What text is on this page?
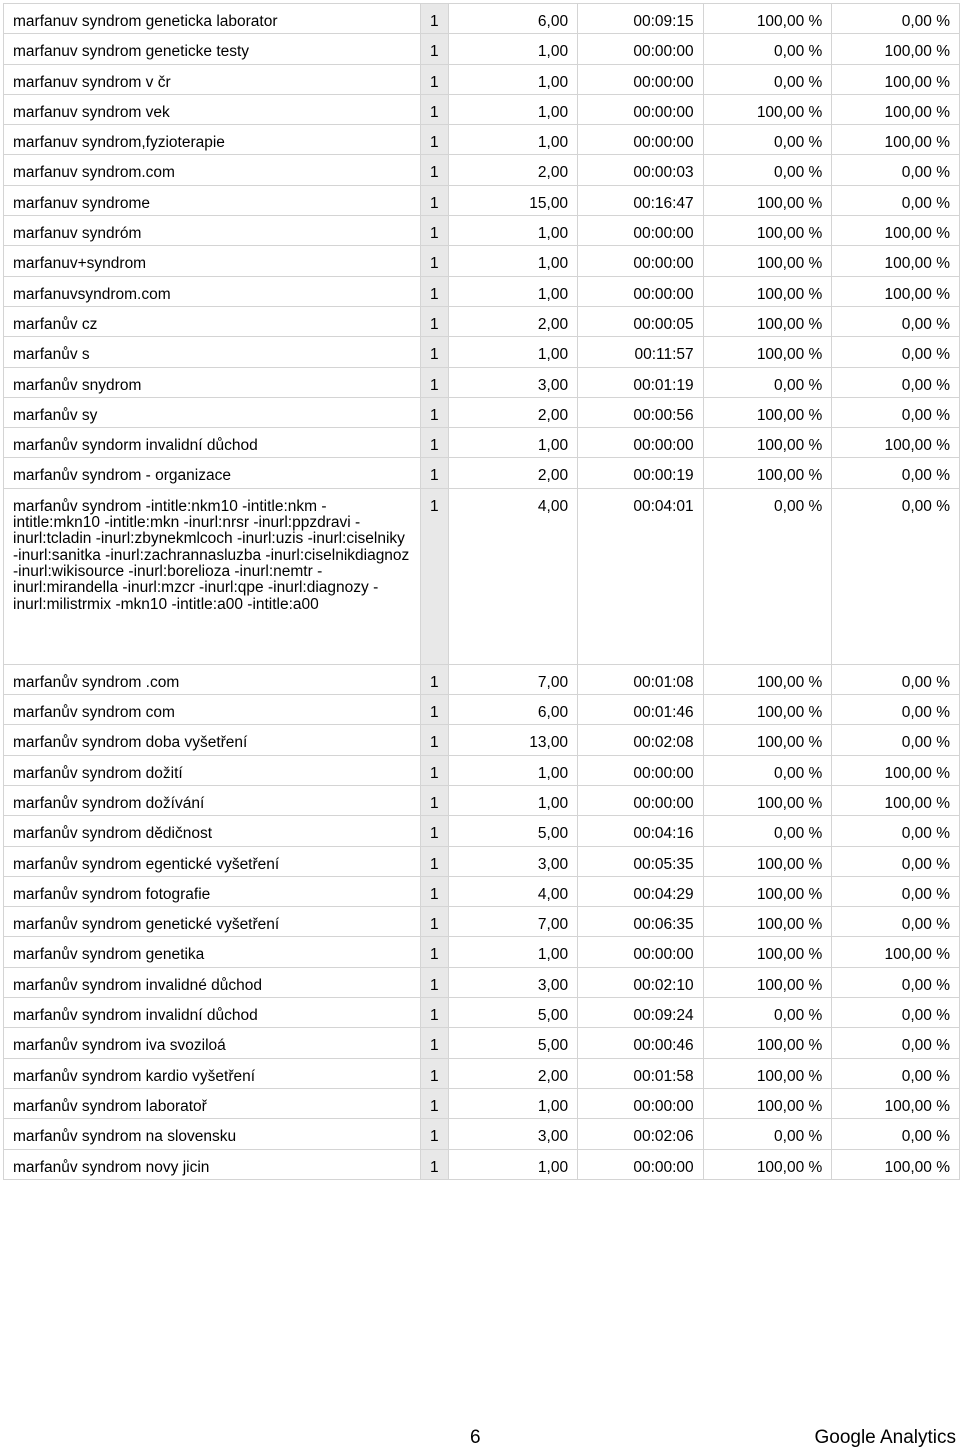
marfanuv syndrom geneticka laborator	1	6,00	00:09:15	100,00 %	0,00 %
marfanuv syndrom geneticke testy	1	1,00	00:00:00	0,00 %	100,00 %
marfanuv syndrom v čr	1	1,00	00:00:00	0,00 %	100,00 %
marfanuv syndrom vek	1	1,00	00:00:00	100,00 %	100,00 %
marfanuv syndrom,fyzioterapie	1	1,00	00:00:00	0,00 %	100,00 %
marfanuv syndrom.com	1	2,00	00:00:03	0,00 %	0,00 %
marfanuv syndrome	1	15,00	00:16:47	100,00 %	0,00 %
marfanuv syndróm	1	1,00	00:00:00	100,00 %	100,00 %
marfanuv+syndrom	1	1,00	00:00:00	100,00 %	100,00 %
marfanuvsyndrom.com	1	1,00	00:00:00	100,00 %	100,00 %
marfanův cz	1	2,00	00:00:05	100,00 %	0,00 %
marfanův s	1	1,00	00:11:57	100,00 %	0,00 %
marfanův snydrom	1	3,00	00:01:19	0,00 %	0,00 %
marfanův sy	1	2,00	00:00:56	100,00 %	0,00 %
marfanův syndorm invalidní důchod	1	1,00	00:00:00	100,00 %	100,00 %
marfanův syndrom - organizace	1	2,00	00:00:19	100,00 %	0,00 %
marfanův syndrom -intitle:nkm10 -intitle:nkm -intitle:mkn10 -intitle:mkn -inurl:nrsr -inurl:ppzdravi -inurl:tcladin -inurl:zbynekmlcoch -inurl:uzis -inurl:ciselniky -inurl:sanitka -inurl:zachrannasluzba -inurl:ciselnikdiagnoz -inurl:wikisource -inurl:borelioza -inurl:nemtr -inurl:mirandella -inurl:mzcr -inurl:qpe -inurl:diagnozy -inurl:milistrmix -mkn10 -intitle:a00 -intitle:a00	1	4,00	00:04:01	0,00 %	0,00 %
marfanův syndrom .com	1	7,00	00:01:08	100,00 %	0,00 %
marfanův syndrom com	1	6,00	00:01:46	100,00 %	0,00 %
marfanův syndrom doba vyšetření	1	13,00	00:02:08	100,00 %	0,00 %
marfanův syndrom dožití	1	1,00	00:00:00	0,00 %	100,00 %
marfanův syndrom dožívání	1	1,00	00:00:00	100,00 %	100,00 %
marfanův syndrom dědičnost	1	5,00	00:04:16	0,00 %	0,00 %
marfanův syndrom egentické vyšetření	1	3,00	00:05:35	100,00 %	0,00 %
marfanův syndrom fotografie	1	4,00	00:04:29	100,00 %	0,00 %
marfanův syndrom genetické vyšetření	1	7,00	00:06:35	100,00 %	0,00 %
marfanův syndrom genetika	1	1,00	00:00:00	100,00 %	100,00 %
marfanův syndrom invalidné důchod	1	3,00	00:02:10	100,00 %	0,00 %
marfanův syndrom invalidní důchod	1	5,00	00:09:24	0,00 %	0,00 %
marfanův syndrom iva svoziloá	1	5,00	00:00:46	100,00 %	0,00 %
marfanův syndrom kardio vyšetření	1	2,00	00:01:58	100,00 %	0,00 %
marfanův syndrom laboratoř	1	1,00	00:00:00	100,00 %	100,00 %
marfanův syndrom na slovensku	1	3,00	00:02:06	0,00 %	0,00 %
marfanův syndrom novy jicin	1	1,00	00:00:00	100,00 %	100,00 %
6	Google Analytics
